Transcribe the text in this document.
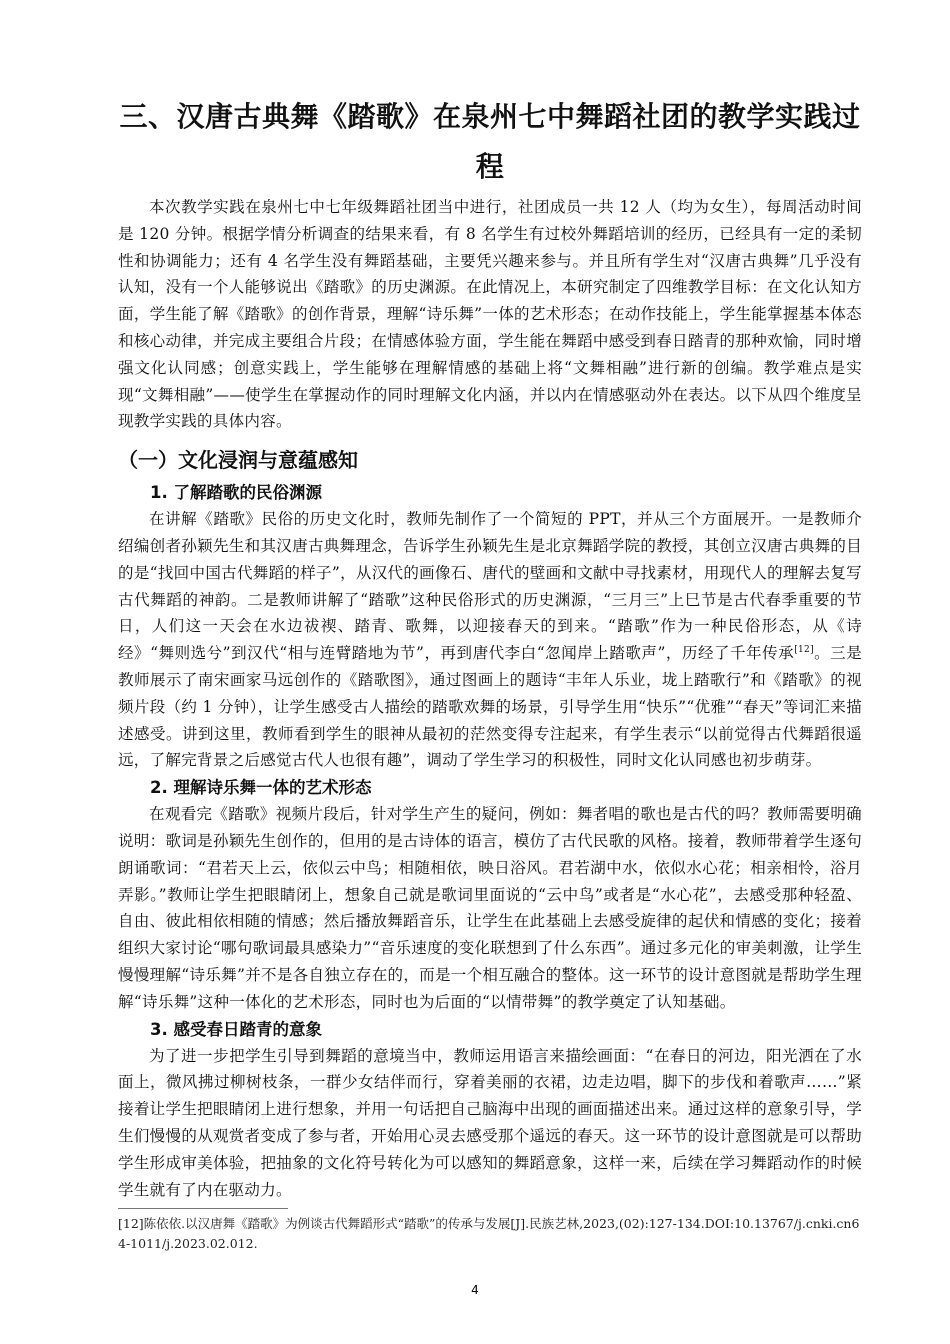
三、汉唐古典舞《踏歌》在泉州七中舞蹈社团的教学实践过程

本次教学实践在泉州七中七年级舞蹈社团当中进行，社团成员一共 12 人（均为女生），每周活动时间是 120 分钟。根据学情分析调查的结果来看，有 8 名学生有过校外舞蹈培训的经历，已经具有一定的柔韧性和协调能力；还有 4 名学生没有舞蹈基础，主要凭兴趣来参与。并且所有学生对“汉唐古典舞”几乎没有认知，没有一个人能够说出《踏歌》的历史渊源。在此情况上，本研究制定了四维教学目标：在文化认知方面，学生能了解《踏歌》的创作背景，理解“诗乐舞”一体的艺术形态；在动作技能上，学生能掌握基本体态和核心动律，并完成主要组合片段；在情感体验方面，学生能在舞蹈中感受到春日踏青的那种欢愉，同时增强文化认同感；创意实践上，学生能够在理解情感的基础上将“文舞相融”进行新的创编。教学难点是实现“文舞相融”——使学生在掌握动作的同时理解文化内涵，并以内在情感驱动外在表达。以下从四个维度呈现教学实践的具体内容。

（一）文化浸润与意蕴感知
1. 了解踏歌的民俗渊源

在讲解《踏歌》民俗的历史文化时，教师先制作了一个简短的 PPT，并从三个方面展开。一是教师介绍编创者孙颖先生和其汉唐古典舞理念，告诉学生孙颖先生是北京舞蹈学院的教授，其创立汉唐古典舞的目的是“找回中国古代舞蹈的样子”，从汉代的画像石、唐代的壁画和文献中寻找素材，用现代人的理解去复写古代舞蹈的神韵。二是教师讲解了“踏歌”这种民俗形式的历史渊源，“三月三”上巳节是古代春季重要的节日，人们这一天会在水边祓禊、踏青、歌舞，以迎接春天的到来。“踏歌”作为一种民俗形态，从《诗经》“舞则选兮”到汉代“相与连臂踏地为节”，再到唐代李白“忽闻岸上踏歌声”，历经了千年传承[12]。三是教师展示了南宋画家马远创作的《踏歌图》，通过图画上的题诗“丰年人乐业，垅上踏歌行”和《踏歌》的视频片段（约 1 分钟），让学生感受古人描绘的踏歌欢舞的场景，引导学生用“快乐”“优雅”“春天”等词汇来描述感受。讲到这里，教师看到学生的眼神从最初的茫然变得专注起来，有学生表示“以前觉得古代舞蹈很遥远，了解完背景之后感觉古代人也很有趣”，调动了学生学习的积极性，同时文化认同感也初步萌芽。

2. 理解诗乐舞一体的艺术形态

在观看完《踏歌》视频片段后，针对学生产生的疑问，例如：舞者唱的歌也是古代的吗？教师需要明确说明：歌词是孙颖先生创作的，但用的是古诗体的语言，模仿了古代民歌的风格。接着，教师带着学生逐句朗诵歌词：“君若天上云，依似云中鸟；相随相依，映日浴风。君若湖中水，依似水心花；相亲相怜，浴月弄影。”教师让学生把眼睛闭上，想象自己就是歌词里面说的“云中鸟”或者是“水心花”，去感受那种轻盈、自由、彼此相依相随的情感；然后播放舞蹈音乐，让学生在此基础上去感受旋律的起伏和情感的变化；接着组织大家讨论“哪句歌词最具感染力”“音乐速度的变化联想到了什么东西”。通过多元化的审美刺激，让学生慢慢理解“诗乐舞”并不是各自独立存在的，而是一个相互融合的整体。这一环节的设计意图就是帮助学生理解“诗乐舞”这种一体化的艺术形态，同时也为后面的“以情带舞”的教学奠定了认知基础。

3. 感受春日踏青的意象

为了进一步把学生引导到舞蹈的意境当中，教师运用语言来描绘画面：“在春日的河边，阳光洒在了水面上，微风拂过柳树枝条，一群少女结伴而行，穿着美丽的衣裙，边走边唱，脚下的步伐和着歌声……”紧接着让学生把眼睛闭上进行想象，并用一句话把自己脑海中出现的画面描述出来。通过这样的意象引导，学生们慢慢的从观赏者变成了参与者，开始用心灵去感受那个遥远的春天。这一环节的设计意图就是可以帮助学生形成审美体验，把抽象的文化符号转化为可以感知的舞蹈意象，这样一来，后续在学习舞蹈动作的时候学生就有了内在驱动力。

[12]陈依依.以汉唐舞《踏歌》为例谈古代舞蹈形式“踏歌”的传承与发展[J].民族艺林,2023,(02):127-134.DOI:10.13767/j.cnki.cn64-1011/j.2023.02.012.
4
